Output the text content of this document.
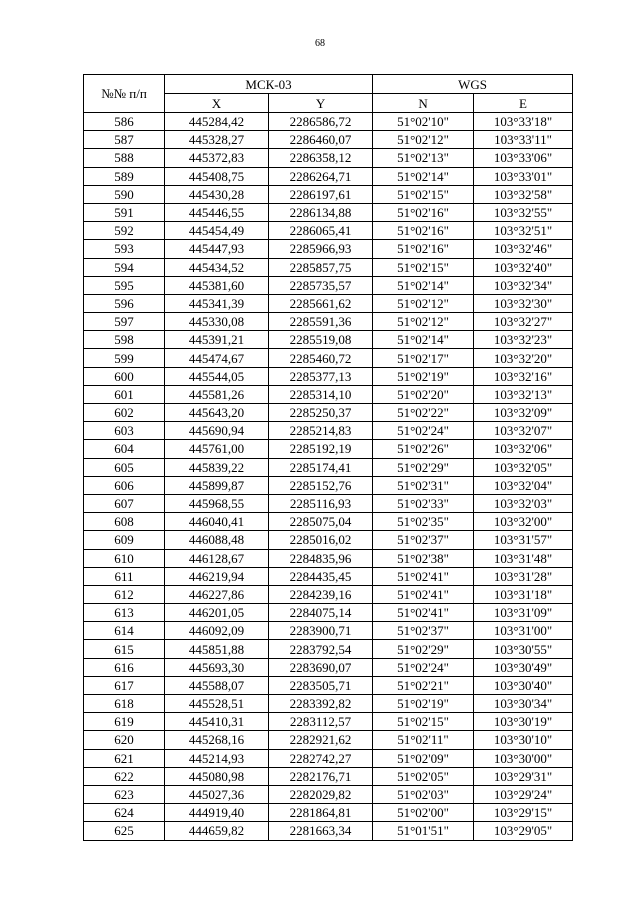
68
№№ п/п	МСК-03		WGS	
	X	Y	N	E
586	445284,42	2286586,72	51°02'10"	103°33'18"
587	445328,27	2286460,07	51°02'12"	103°33'11"
588	445372,83	2286358,12	51°02'13"	103°33'06"
589	445408,75	2286264,71	51°02'14"	103°33'01"
590	445430,28	2286197,61	51°02'15"	103°32'58"
591	445446,55	2286134,88	51°02'16"	103°32'55"
592	445454,49	2286065,41	51°02'16"	103°32'51"
593	445447,93	2285966,93	51°02'16"	103°32'46"
594	445434,52	2285857,75	51°02'15"	103°32'40"
595	445381,60	2285735,57	51°02'14"	103°32'34"
596	445341,39	2285661,62	51°02'12"	103°32'30"
597	445330,08	2285591,36	51°02'12"	103°32'27"
598	445391,21	2285519,08	51°02'14"	103°32'23"
599	445474,67	2285460,72	51°02'17"	103°32'20"
600	445544,05	2285377,13	51°02'19"	103°32'16"
601	445581,26	2285314,10	51°02'20"	103°32'13"
602	445643,20	2285250,37	51°02'22"	103°32'09"
603	445690,94	2285214,83	51°02'24"	103°32'07"
604	445761,00	2285192,19	51°02'26"	103°32'06"
605	445839,22	2285174,41	51°02'29"	103°32'05"
606	445899,87	2285152,76	51°02'31"	103°32'04"
607	445968,55	2285116,93	51°02'33"	103°32'03"
608	446040,41	2285075,04	51°02'35"	103°32'00"
609	446088,48	2285016,02	51°02'37"	103°31'57"
610	446128,67	2284835,96	51°02'38"	103°31'48"
611	446219,94	2284435,45	51°02'41"	103°31'28"
612	446227,86	2284239,16	51°02'41"	103°31'18"
613	446201,05	2284075,14	51°02'41"	103°31'09"
614	446092,09	2283900,71	51°02'37"	103°31'00"
615	445851,88	2283792,54	51°02'29"	103°30'55"
616	445693,30	2283690,07	51°02'24"	103°30'49"
617	445588,07	2283505,71	51°02'21"	103°30'40"
618	445528,51	2283392,82	51°02'19"	103°30'34"
619	445410,31	2283112,57	51°02'15"	103°30'19"
620	445268,16	2282921,62	51°02'11"	103°30'10"
621	445214,93	2282742,27	51°02'09"	103°30'00"
622	445080,98	2282176,71	51°02'05"	103°29'31"
623	445027,36	2282029,82	51°02'03"	103°29'24"
624	444919,40	2281864,81	51°02'00"	103°29'15"
625	444659,82	2281663,34	51°01'51"	103°29'05"
